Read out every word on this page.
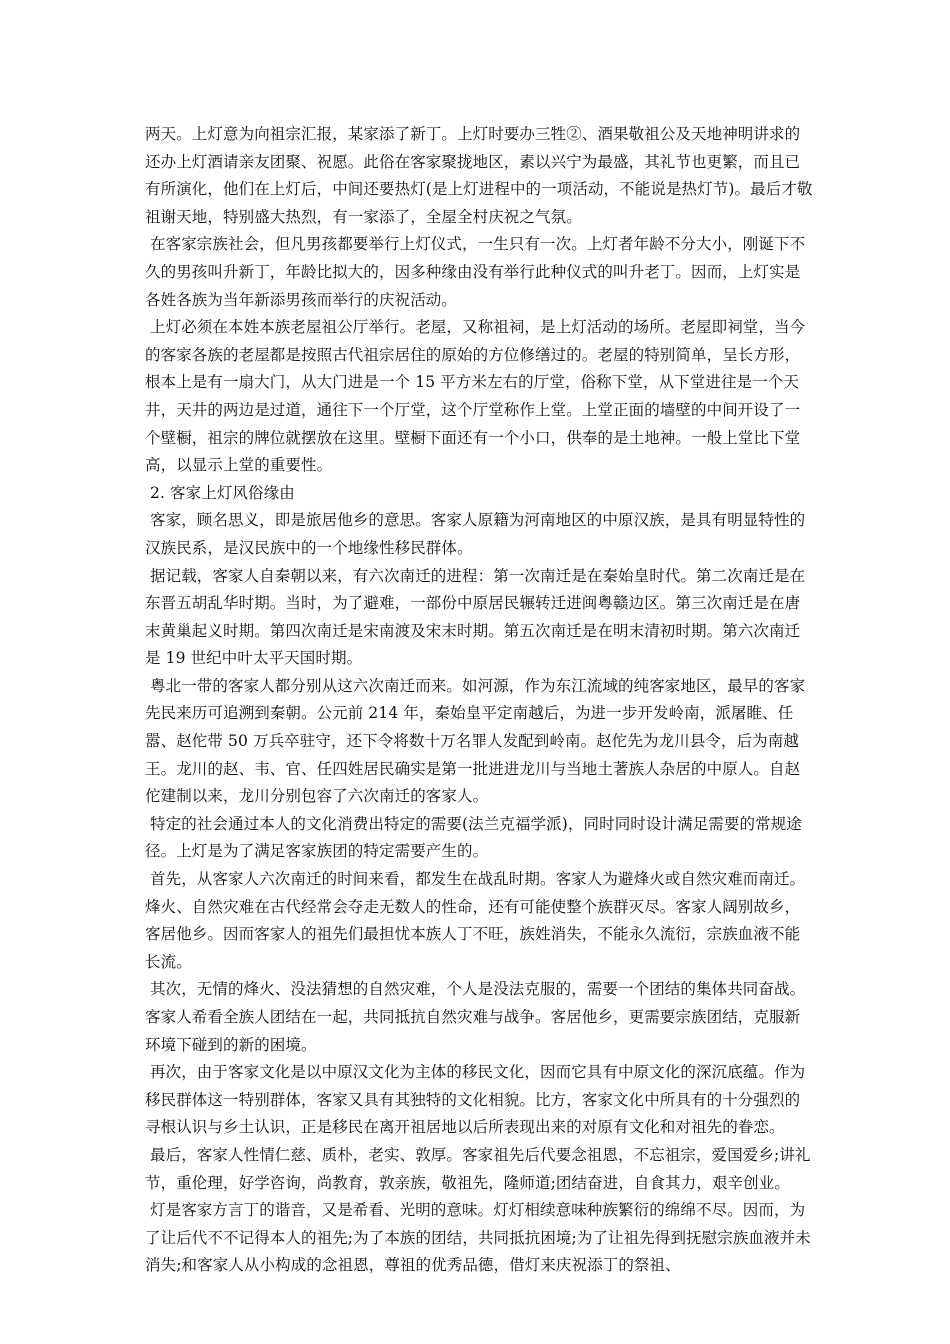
两天。上灯意为向祖宗汇报，某家添了新丁。上灯时要办三牲②、酒果敬祖公及天地神明讲求的还办上灯酒请亲友团聚、祝愿。此俗在客家聚拢地区，素以兴宁为最盛，其礼节也更繁，而且已有所演化，他们在上灯后，中间还要热灯(是上灯进程中的一项活动，不能说是热灯节)。最后才敬祖谢天地，特别盛大热烈，有一家添了，全屋全村庆祝之气氛。

在客家宗族社会，但凡男孩都要举行上灯仪式，一生只有一次。上灯者年龄不分大小，刚诞下不久的男孩叫升新丁，年龄比拟大的，因多种缘由没有举行此种仪式的叫升老丁。因而，上灯实是各姓各族为当年新添男孩而举行的庆祝活动。

上灯必须在本姓本族老屋祖公厅举行。老屋，又称祖祠，是上灯活动的场所。老屋即祠堂，当今的客家各族的老屋都是按照古代祖宗居住的原始的方位修缮过的。老屋的特别简单，呈长方形，根本上是有一扇大门，从大门进是一个 15 平方米左右的厅堂，俗称下堂，从下堂进往是一个天井，天井的两边是过道，通往下一个厅堂，这个厅堂称作上堂。上堂正面的墙壁的中间开设了一个壁橱，祖宗的牌位就摆放在这里。壁橱下面还有一个小口，供奉的是土地神。一般上堂比下堂高，以显示上堂的重要性。

2. 客家上灯风俗缘由

客家，顾名思义，即是旅居他乡的意思。客家人原籍为河南地区的中原汉族，是具有明显特性的汉族民系，是汉民族中的一个地缘性移民群体。

据记载，客家人自秦朝以来，有六次南迁的进程：第一次南迁是在秦始皇时代。第二次南迁是在东晋五胡乱华时期。当时，为了避难，一部份中原居民辗转迁进闽粤赣边区。第三次南迁是在唐末黄巢起义时期。第四次南迁是宋南渡及宋末时期。第五次南迁是在明末清初时期。第六次南迁是 19 世纪中叶太平天国时期。

粤北一带的客家人都分别从这六次南迁而来。如河源，作为东江流域的纯客家地区，最早的客家先民来历可追溯到秦朝。公元前 214 年，秦始皇平定南越后，为进一步开发岭南，派屠睢、任嚣、赵佗带 50 万兵卒驻守，还下令将数十万名罪人发配到岭南。赵佗先为龙川县令，后为南越王。龙川的赵、韦、官、任四姓居民确实是第一批进进龙川与当地土著族人杂居的中原人。自赵佗建制以来，龙川分别包容了六次南迁的客家人。

特定的社会通过本人的文化消费出特定的需要(法兰克福学派)，同时同时设计满足需要的常规途径。上灯是为了满足客家族团的特定需要产生的。

首先，从客家人六次南迁的时间来看，都发生在战乱时期。客家人为避烽火或自然灾难而南迁。烽火、自然灾难在古代经常会夺走无数人的性命，还有可能使整个族群灭尽。客家人阔别故乡，客居他乡。因而客家人的祖先们最担忧本族人丁不旺，族姓消失，不能永久流衍，宗族血液不能长流。

其次，无情的烽火、没法猜想的自然灾难，个人是没法克服的，需要一个团结的集体共同奋战。客家人希看全族人团结在一起，共同抵抗自然灾难与战争。客居他乡，更需要宗族团结，克服新环境下碰到的新的困境。

再次，由于客家文化是以中原汉文化为主体的移民文化，因而它具有中原文化的深沉底蕴。作为移民群体这一特别群体，客家又具有其独特的文化相貌。比方，客家文化中所具有的十分强烈的寻根认识与乡土认识，正是移民在离开祖居地以后所表现出来的对原有文化和对祖先的眷恋。

最后，客家人性情仁慈、质朴，老实、敦厚。客家祖先后代要念祖恩，不忘祖宗，爱国爱乡;讲礼节，重伦理，好学咨询，尚教育，敦亲族，敬祖先，隆师道;团结奋进，自食其力，艰辛创业。

灯是客家方言丁的谐音，又是希看、光明的意味。灯灯相续意味种族繁衍的绵绵不尽。因而，为了让后代不不记得本人的祖先;为了本族的团结，共同抵抗困境;为了让祖先得到抚慰宗族血液并未消失;和客家人从小构成的念祖恩，尊祖的优秀品德，借灯来庆祝添丁的祭祖、
